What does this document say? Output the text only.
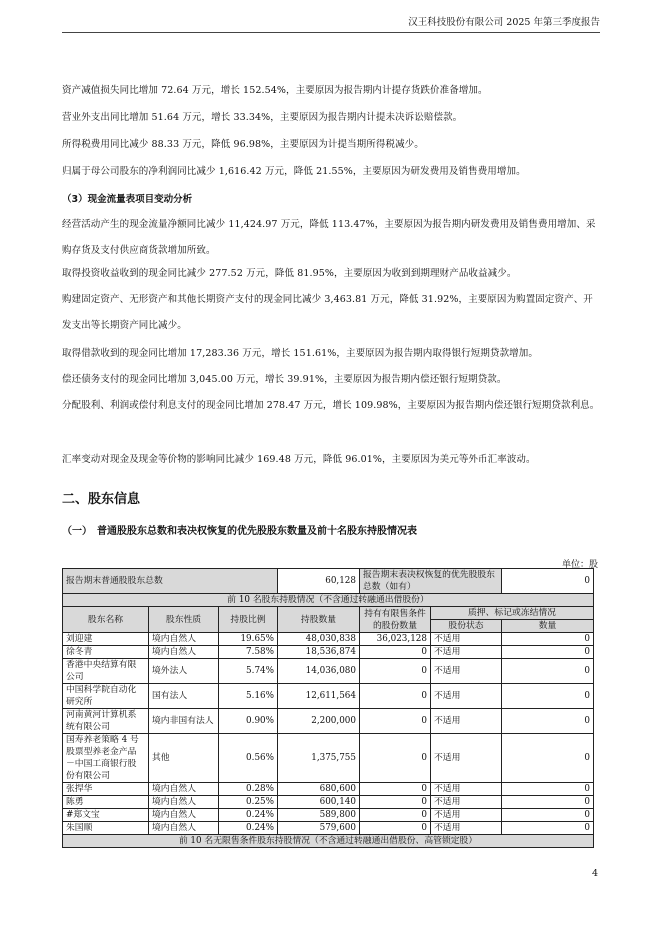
汉王科技股份有限公司 2025 年第三季度报告
资产减值损失同比增加 72.64 万元，增长 152.54%，主要原因为报告期内计提存货跌价准备增加。
营业外支出同比增加 51.64 万元，增长 33.34%，主要原因为报告期内计提未决诉讼赔偿款。
所得税费用同比减少 88.33 万元，降低 96.98%，主要原因为计提当期所得税减少。
归属于母公司股东的净利润同比减少 1,616.42 万元，降低 21.55%，主要原因为研发费用及销售费用增加。
（3）现金流量表项目变动分析
经营活动产生的现金流量净额同比减少 11,424.97 万元，降低 113.47%，主要原因为报告期内研发费用及销售费用增加、采购存货及支付供应商货款增加所致。
取得投资收益收到的现金同比减少 277.52 万元，降低 81.95%，主要原因为收到到期理财产品收益减少。
购建固定资产、无形资产和其他长期资产支付的现金同比减少 3,463.81 万元，降低 31.92%，主要原因为购置固定资产、开发支出等长期资产同比减少。
取得借款收到的现金同比增加 17,283.36 万元，增长 151.61%，主要原因为报告期内取得银行短期贷款增加。
偿还债务支付的现金同比增加 3,045.00 万元，增长 39.91%，主要原因为报告期内偿还银行短期贷款。
分配股利、利润或偿付利息支付的现金同比增加 278.47 万元，增长 109.98%，主要原因为报告期内偿还银行短期贷款利息。
汇率变动对现金及现金等价物的影响同比减少 169.48 万元，降低 96.01%，主要原因为美元等外币汇率波动。
二、股东信息
（一）　普通股股东总数和表决权恢复的优先股股东数量及前十名股东持股情况表
单位：股
报告期末普通股股东总数			60,128	报告期末表决权恢复的优先股股东总数（如有）		0
前 10 名股东持股情况（不含通过转融通出借股份）						
股东名称	股东性质	持股比例	持股数量	持有有限售条件的股份数量	质押、标记或冻结情况	
					股份状态	数量
刘迎建	境内自然人	19.65%	48,030,838	36,023,128	不适用	0
徐冬青	境内自然人	7.58%	18,536,874	0	不适用	0
香港中央结算有限公司	境外法人	5.74%	14,036,080	0	不适用	0
中国科学院自动化研究所	国有法人	5.16%	12,611,564	0	不适用	0
河南黄河计算机系统有限公司	境内非国有法人	0.90%	2,200,000	0	不适用	0
国寿养老策略 4 号股票型养老金产品－中国工商银行股份有限公司	其他	0.56%	1,375,755	0	不适用	0
张捍华	境内自然人	0.28%	680,600	0	不适用	0
陈勇	境内自然人	0.25%	600,140	0	不适用	0
#郑文宝	境内自然人	0.24%	589,800	0	不适用	0
朱国顺	境内自然人	0.24%	579,600	0	不适用	0
前 10 名无限售条件股东持股情况（不含通过转融通出借股份、高管锁定股）						
4
